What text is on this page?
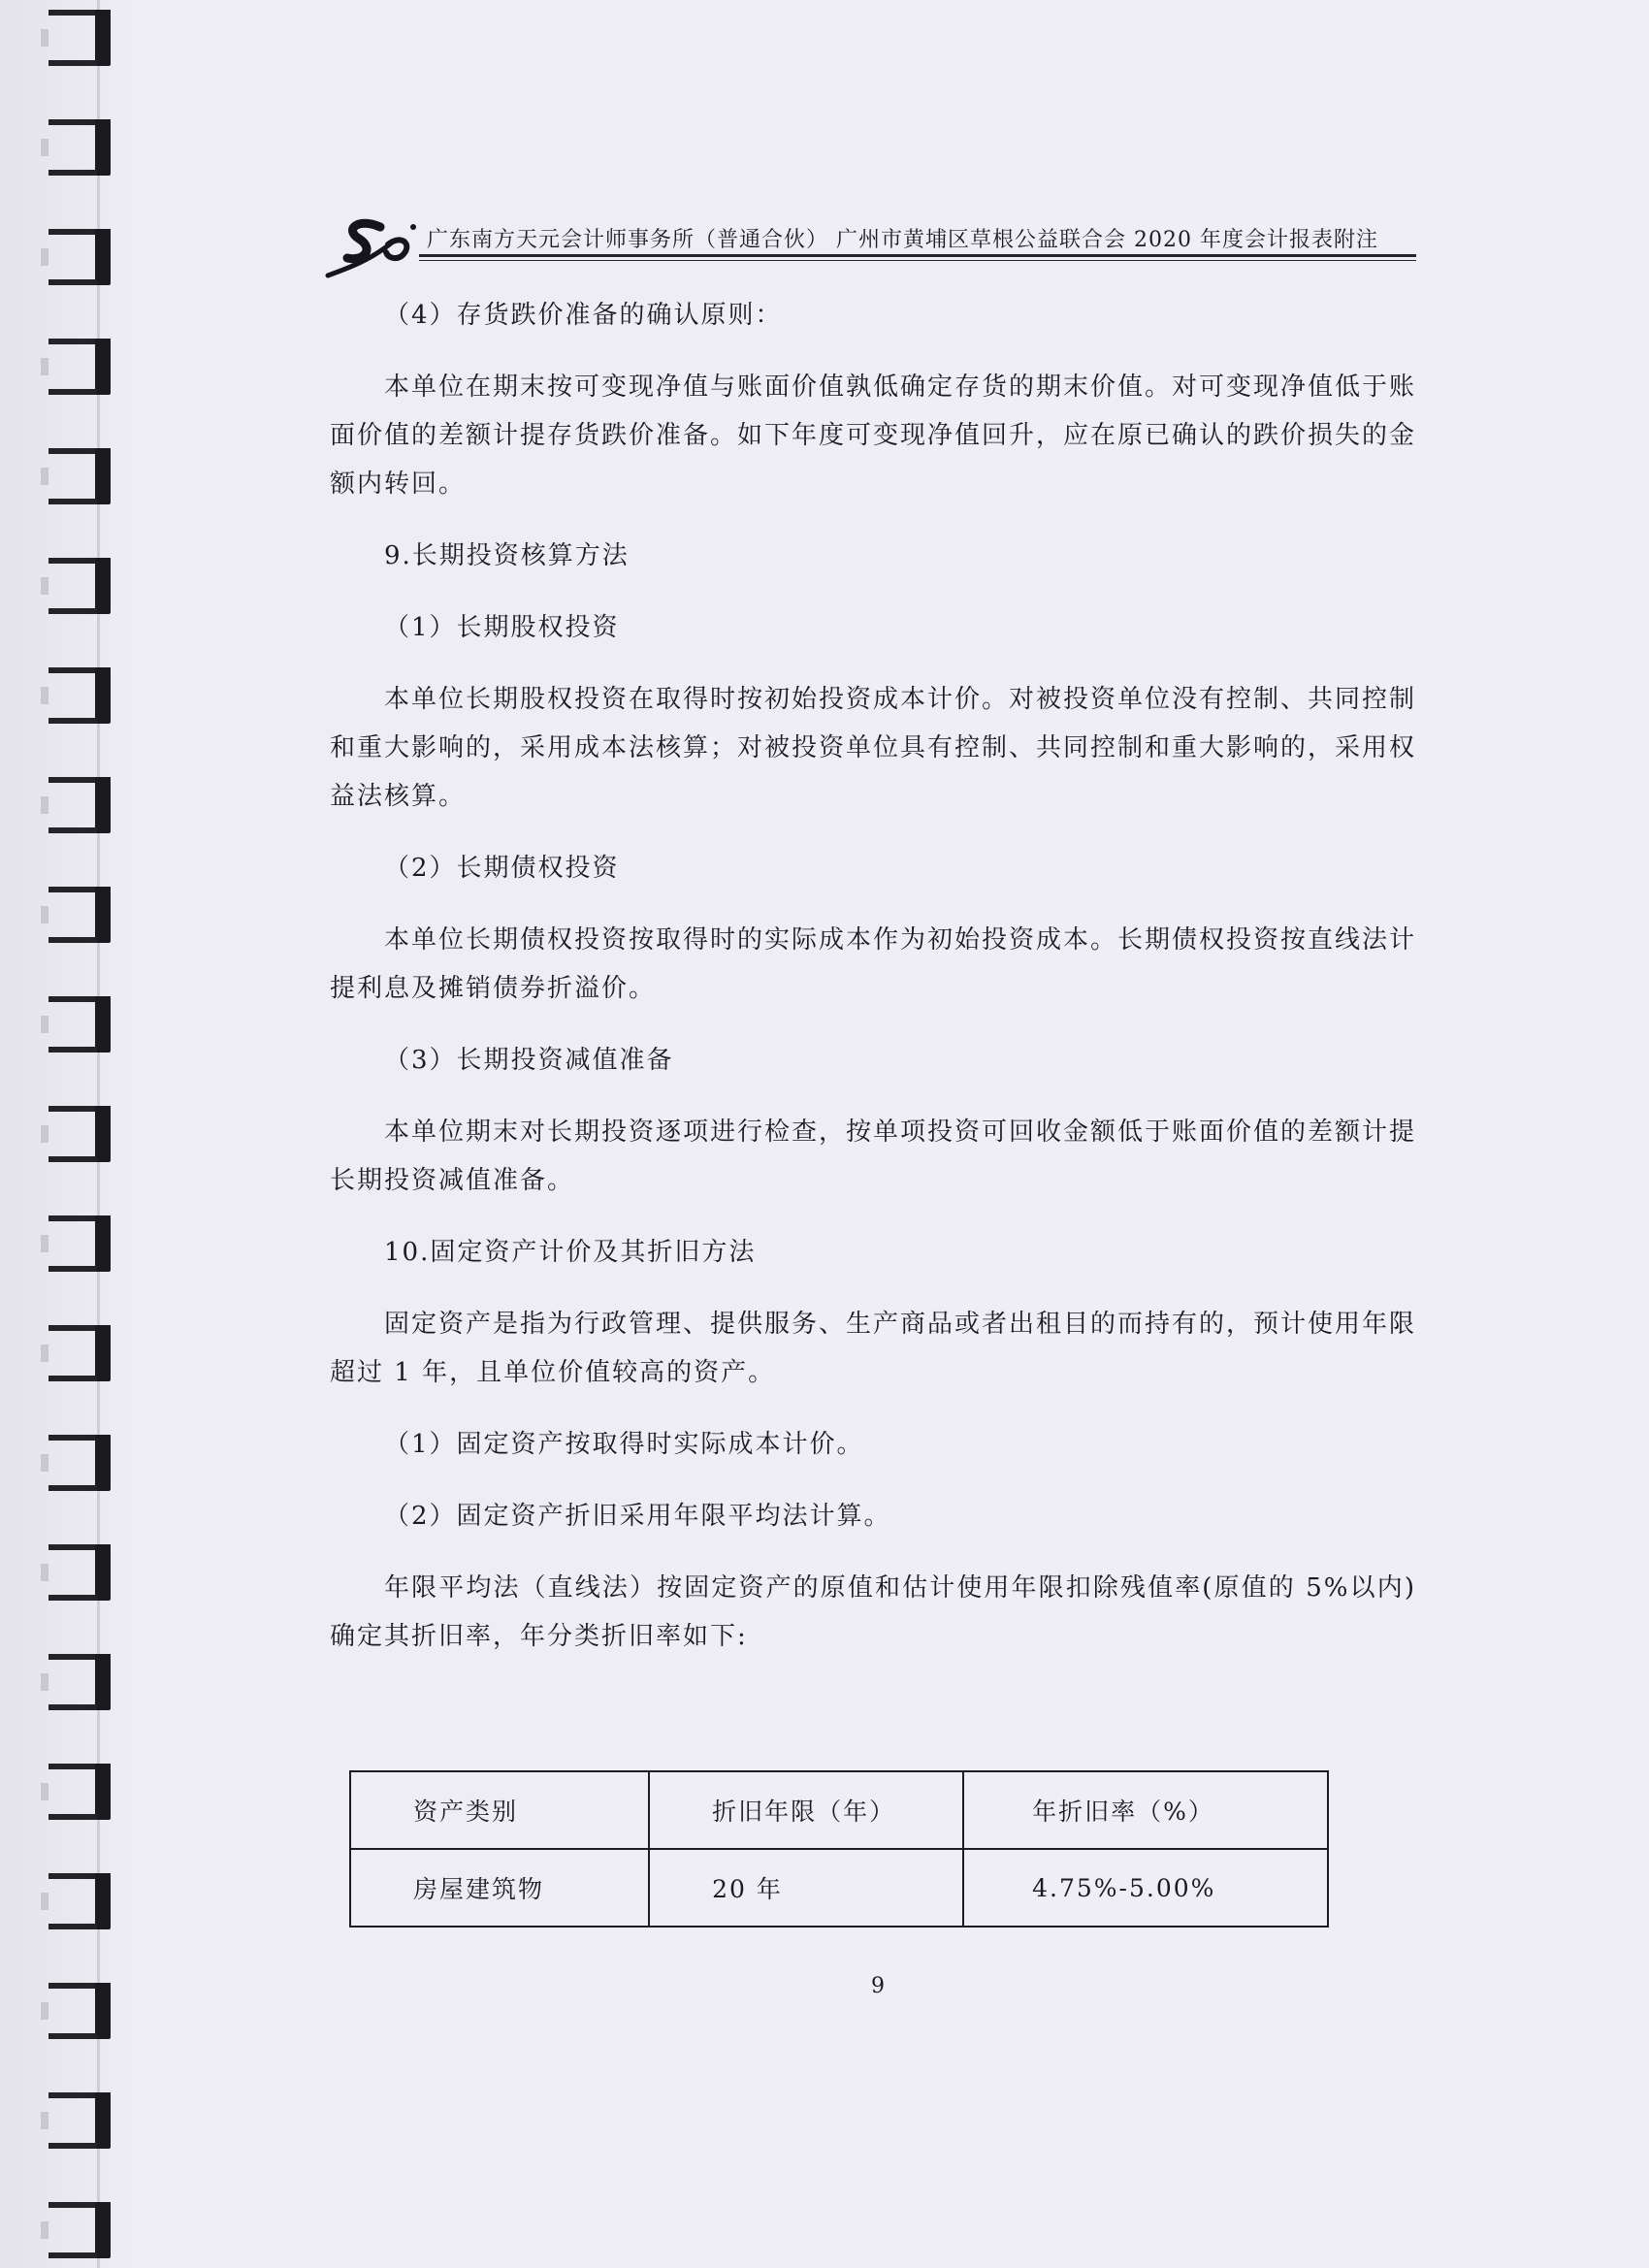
广东南方天元会计师事务所（普通合伙） 广州市黄埔区草根公益联合会 2020 年度会计报表附注

（4）存货跌价准备的确认原则：

本单位在期末按可变现净值与账面价值孰低确定存货的期末价值。对可变现净值低于账面价值的差额计提存货跌价准备。如下年度可变现净值回升，应在原已确认的跌价损失的金额内转回。

9.长期投资核算方法

（1）长期股权投资

本单位长期股权投资在取得时按初始投资成本计价。对被投资单位没有控制、共同控制和重大影响的，采用成本法核算；对被投资单位具有控制、共同控制和重大影响的，采用权益法核算。

（2）长期债权投资

本单位长期债权投资按取得时的实际成本作为初始投资成本。长期债权投资按直线法计提利息及摊销债券折溢价。

（3）长期投资减值准备

本单位期末对长期投资逐项进行检查，按单项投资可回收金额低于账面价值的差额计提长期投资减值准备。

10.固定资产计价及其折旧方法

固定资产是指为行政管理、提供服务、生产商品或者出租目的而持有的，预计使用年限超过 1 年，且单位价值较高的资产。

（1）固定资产按取得时实际成本计价。

（2）固定资产折旧采用年限平均法计算。

年限平均法（直线法）按固定资产的原值和估计使用年限扣除残值率(原值的 5%以内)确定其折旧率，年分类折旧率如下:

资产类别	折旧年限（年）	年折旧率（%）
房屋建筑物	20 年	4.75%-5.00%
9
